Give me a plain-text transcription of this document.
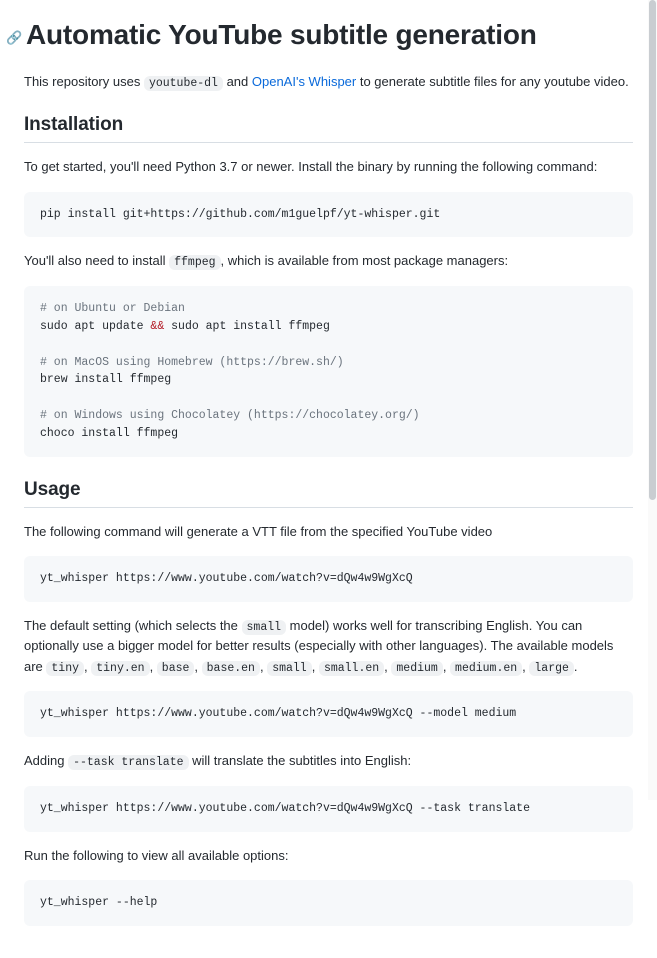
🔗 Automatic YouTube subtitle generation

This repository uses youtube-dl and OpenAI's Whisper to generate subtitle files for any youtube video.

Installation

To get started, you'll need Python 3.7 or newer. Install the binary by running the following command:

pip install git+https://github.com/m1guelpf/yt-whisper.git

You'll also need to install ffmpeg , which is available from most package managers:

# on Ubuntu or Debian
sudo apt update && sudo apt install ffmpeg

# on MacOS using Homebrew (https://brew.sh/)
brew install ffmpeg

# on Windows using Chocolatey (https://chocolatey.org/)
choco install ffmpeg
Usage

The following command will generate a VTT file from the specified YouTube video

yt_whisper https://www.youtube.com/watch?v=dQw4w9WgXcQ

The default setting (which selects the small model) works well for transcribing English. You can optionally use a bigger model for better results (especially with other languages). The available models are tiny , tiny.en , base , base.en , small , small.en , medium , medium.en , large .

yt_whisper https://www.youtube.com/watch?v=dQw4w9WgXcQ --model medium

Adding --task translate will translate the subtitles into English:

yt_whisper https://www.youtube.com/watch?v=dQw4w9WgXcQ --task translate

Run the following to view all available options:

yt_whisper --help
